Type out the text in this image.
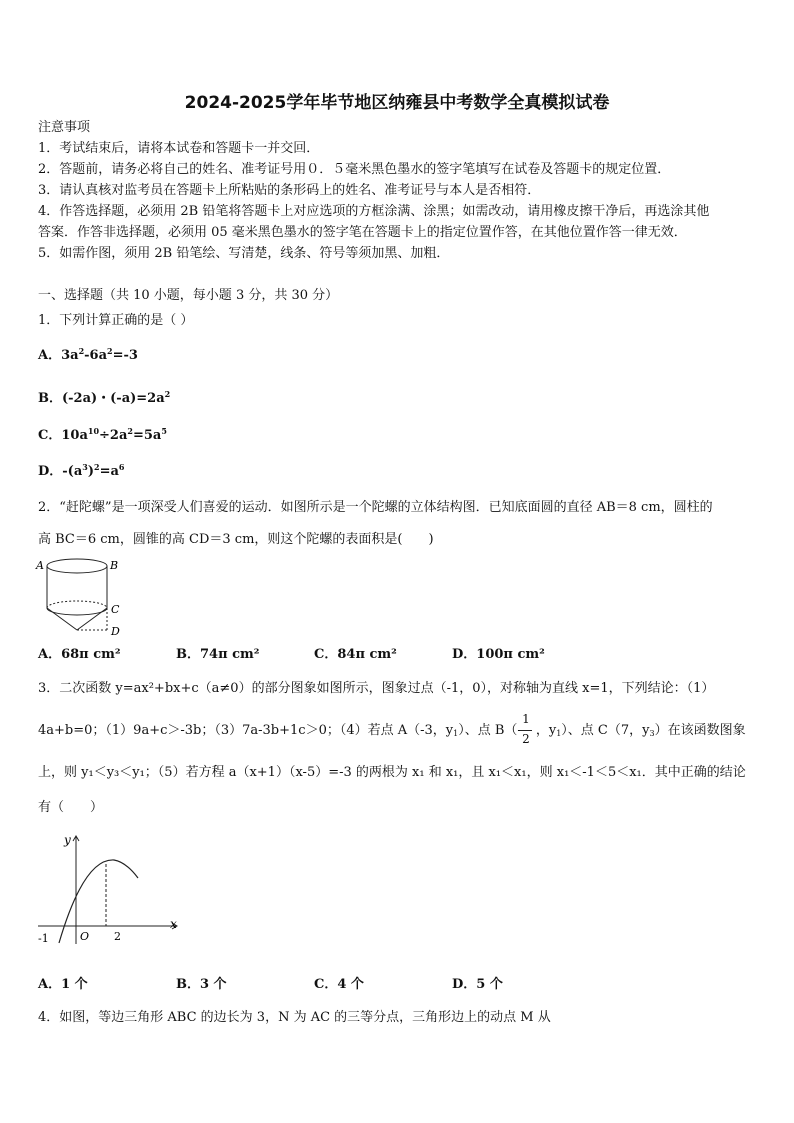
2024-2025学年毕节地区纳雍县中考数学全真模拟试卷
注意事项
1．考试结束后，请将本试卷和答题卡一并交回．
2．答题前，请务必将自己的姓名、准考证号用０．５毫米黑色墨水的签字笔填写在试卷及答题卡的规定位置．
3．请认真核对监考员在答题卡上所粘贴的条形码上的姓名、准考证号与本人是否相符．
4．作答选择题，必须用 2B 铅笔将答题卡上对应选项的方框涂满、涂黑；如需改动，请用橡皮擦干净后，再选涂其他
答案．作答非选择题，必须用 05 毫米黑色墨水的签字笔在答题卡上的指定位置作答，在其他位置作答一律无效．
5．如需作图，须用 2B 铅笔绘、写清楚，线条、符号等须加黑、加粗．
一、选择题（共 10 小题，每小题 3 分，共 30 分）
1．下列计算正确的是（ ）
A．$3a^2-6a^2=-3$
B．(-2a)・$(-a)=2a^2$
C．$10a^{10}\div 2a^2=5a^5$
D．$-(a^3)^2=a^6$
2．“赶陀螺”是一项深受人们喜爱的运动．如图所示是一个陀螺的立体结构图．已知底面圆的直径 AB＝8 cm，圆柱的
高 BC＝6 cm，圆锥的高 CD＝3 cm，则这个陀螺的表面积是(　　)
A	B
C
D
A．68π cm²	B．74π cm²	C．84π cm²	D．100π cm²
3．二次函数 y=ax²+bx+c（a≠0）的部分图象如图所示，图象过点（-1，0），对称轴为直线 x=1，下列结论：（1）
4a+b=0；（1）9a+c＞-3b；（3）7a-3b+1c＞0；（4）若点 A（-3，$y_1$）、点 B（- ，$y_1$）、点 C（7，$y_3$）在该函数图象
1
2
上，则 y₁＜y₃＜y₁；（5）若方程 a（x+1）（x-5）=-3 的两根为 x₁ 和 x₁，且 x₁＜x₁，则 x₁＜-1＜5＜x₁．其中正确的结论
有（　　）
y
x
O
-1	2
A．1 个	B．3 个	C．4 个	D．5 个
4．如图，等边三角形 ABC 的边长为 3，N 为 AC 的三等分点，三角形边上的动点 M 从
